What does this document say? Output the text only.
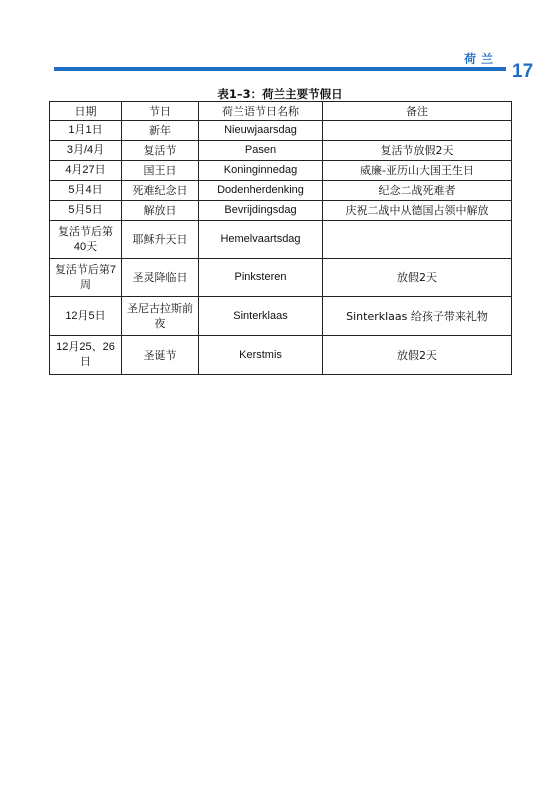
荷兰
17
表1–3：荷兰主要节假日
日期	节日	荷兰语节日名称	备注
1月1日	新年	Nieuwjaarsdag	
3月/4月	复活节	Pasen	复活节放假2天
4月27日	国王日	Koninginnedag	威廉-亚历山大国王生日
5月4日	死难纪念日	Dodenherdenking	纪念二战死难者
5月5日	解放日	Bevrijdingsdag	庆祝二战中从德国占领中解放
复活节后第40天	耶稣升天日	Hemelvaartsdag	
复活节后第7周	圣灵降临日	Pinksteren	放假2天
12月5日	圣尼古拉斯前夜	Sinterklaas	Sinterklaas 给孩子带来礼物
12月25、26日	圣诞节	Kerstmis	放假2天
